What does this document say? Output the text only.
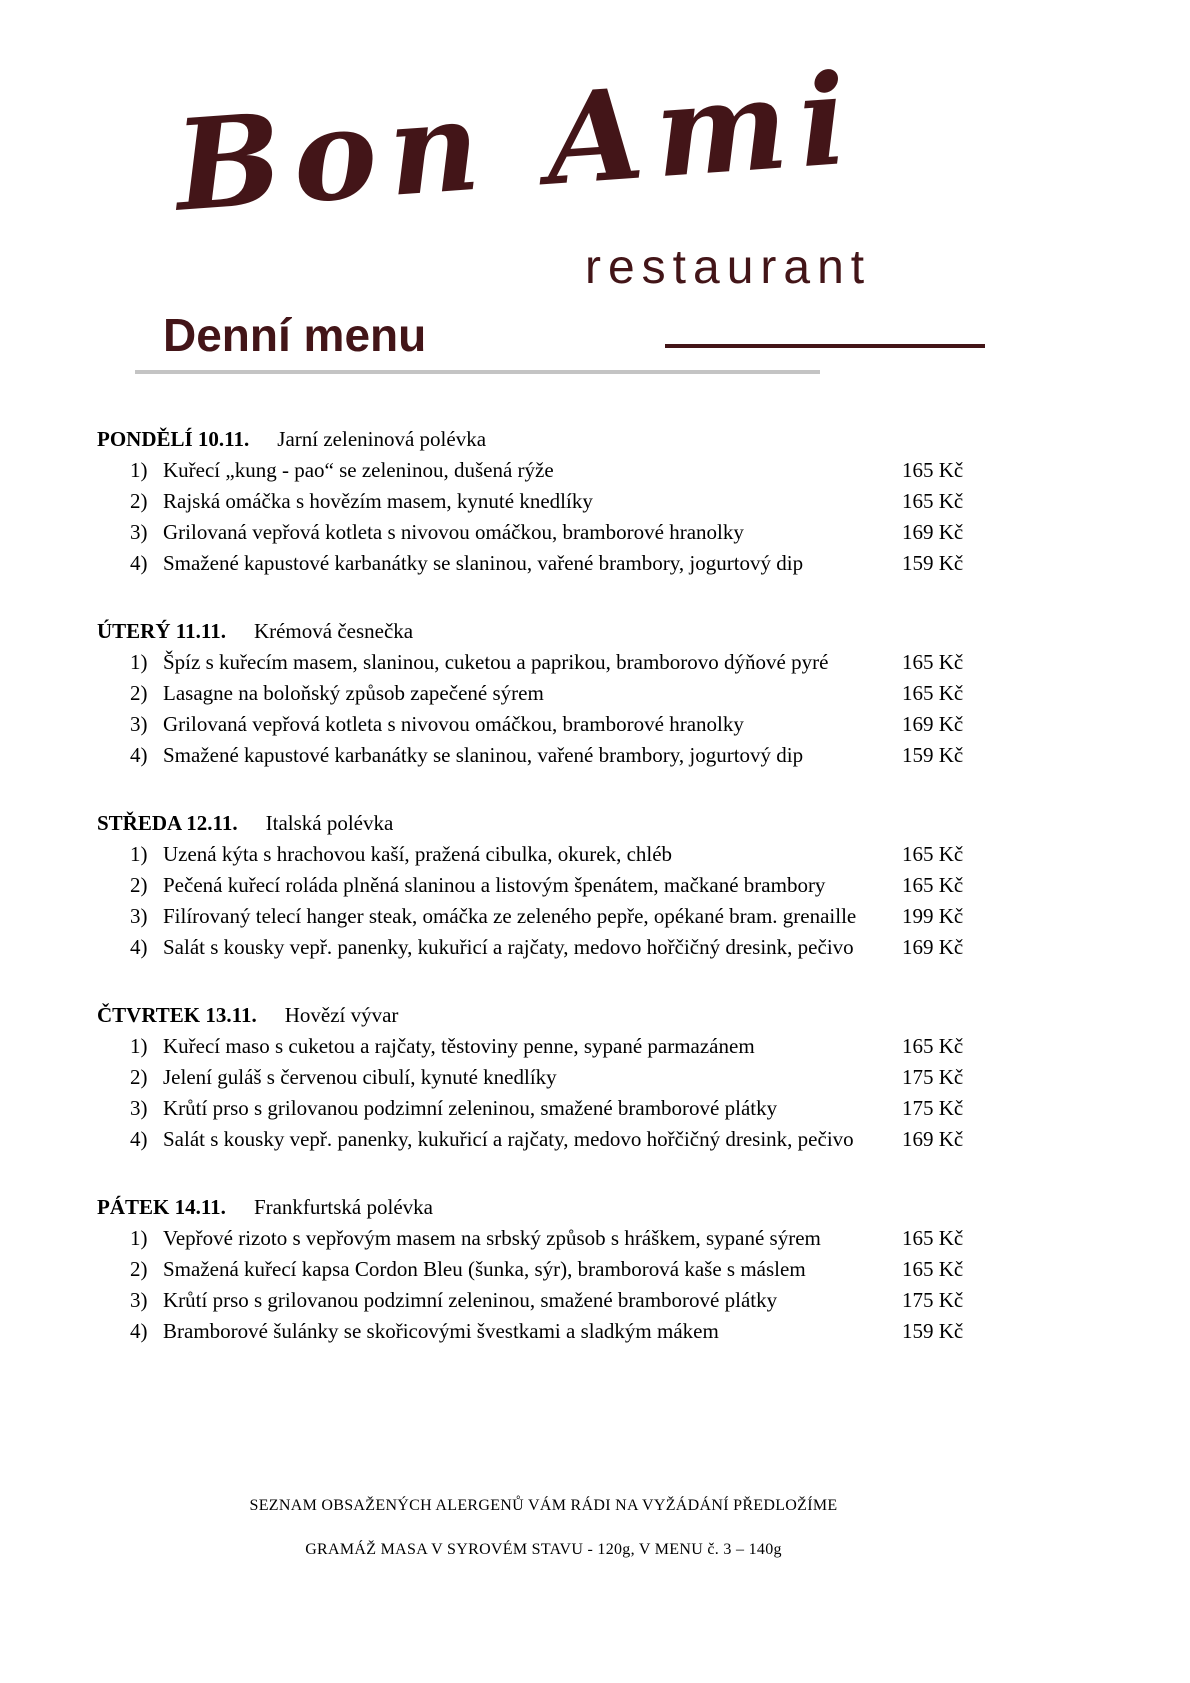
Bon Ami
restaurant
Denní menu
PONDĚLÍ 10.11. Jarní zeleninová polévka
1) Kuřecí „kung - pao“ se zeleninou, dušená rýže	165 Kč
2) Rajská omáčka s hovězím masem, kynuté knedlíky	165 Kč
3) Grilovaná vepřová kotleta s nivovou omáčkou, bramborové hranolky	169 Kč
4) Smažené kapustové karbanátky se slaninou, vařené brambory, jogurtový dip	159 Kč
ÚTERÝ 11.11. Krémová česnečka
1) Špíz s kuřecím masem, slaninou, cuketou a paprikou, bramborovo dýňové pyré	165 Kč
2) Lasagne na boloňský způsob zapečené sýrem	165 Kč
3) Grilovaná vepřová kotleta s nivovou omáčkou, bramborové hranolky	169 Kč
4) Smažené kapustové karbanátky se slaninou, vařené brambory, jogurtový dip	159 Kč
STŘEDA 12.11. Italská polévka
1) Uzená kýta s hrachovou kaší, pražená cibulka, okurek, chléb	165 Kč
2) Pečená kuřecí roláda plněná slaninou a listovým špenátem, mačkané brambory	165 Kč
3) Filírovaný telecí hanger steak, omáčka ze zeleného pepře, opékané bram. grenaille	199 Kč
4) Salát s kousky vepř. panenky, kukuřicí a rajčaty, medovo hořčičný dresink, pečivo	169 Kč
ČTVRTEK 13.11. Hovězí vývar
1) Kuřecí maso s cuketou a rajčaty, těstoviny penne, sypané parmazánem	165 Kč
2) Jelení guláš s červenou cibulí, kynuté knedlíky	175 Kč
3) Krůtí prso s grilovanou podzimní zeleninou, smažené bramborové plátky	175 Kč
4) Salát s kousky vepř. panenky, kukuřicí a rajčaty, medovo hořčičný dresink, pečivo	169 Kč
PÁTEK 14.11. Frankfurtská polévka
1) Vepřové rizoto s vepřovým masem na srbský způsob s hráškem, sypané sýrem	165 Kč
2) Smažená kuřecí kapsa Cordon Bleu (šunka, sýr), bramborová kaše s máslem	165 Kč
3) Krůtí prso s grilovanou podzimní zeleninou, smažené bramborové plátky	175 Kč
4) Bramborové šulánky se skořicovými švestkami a sladkým mákem	159 Kč
SEZNAM OBSAŽENÝCH ALERGENŮ VÁM RÁDI NA VYŽÁDÁNÍ PŘEDLOŽÍME
GRAMÁŽ MASA V SYROVÉM STAVU - 120g, V MENU č. 3 – 140g
